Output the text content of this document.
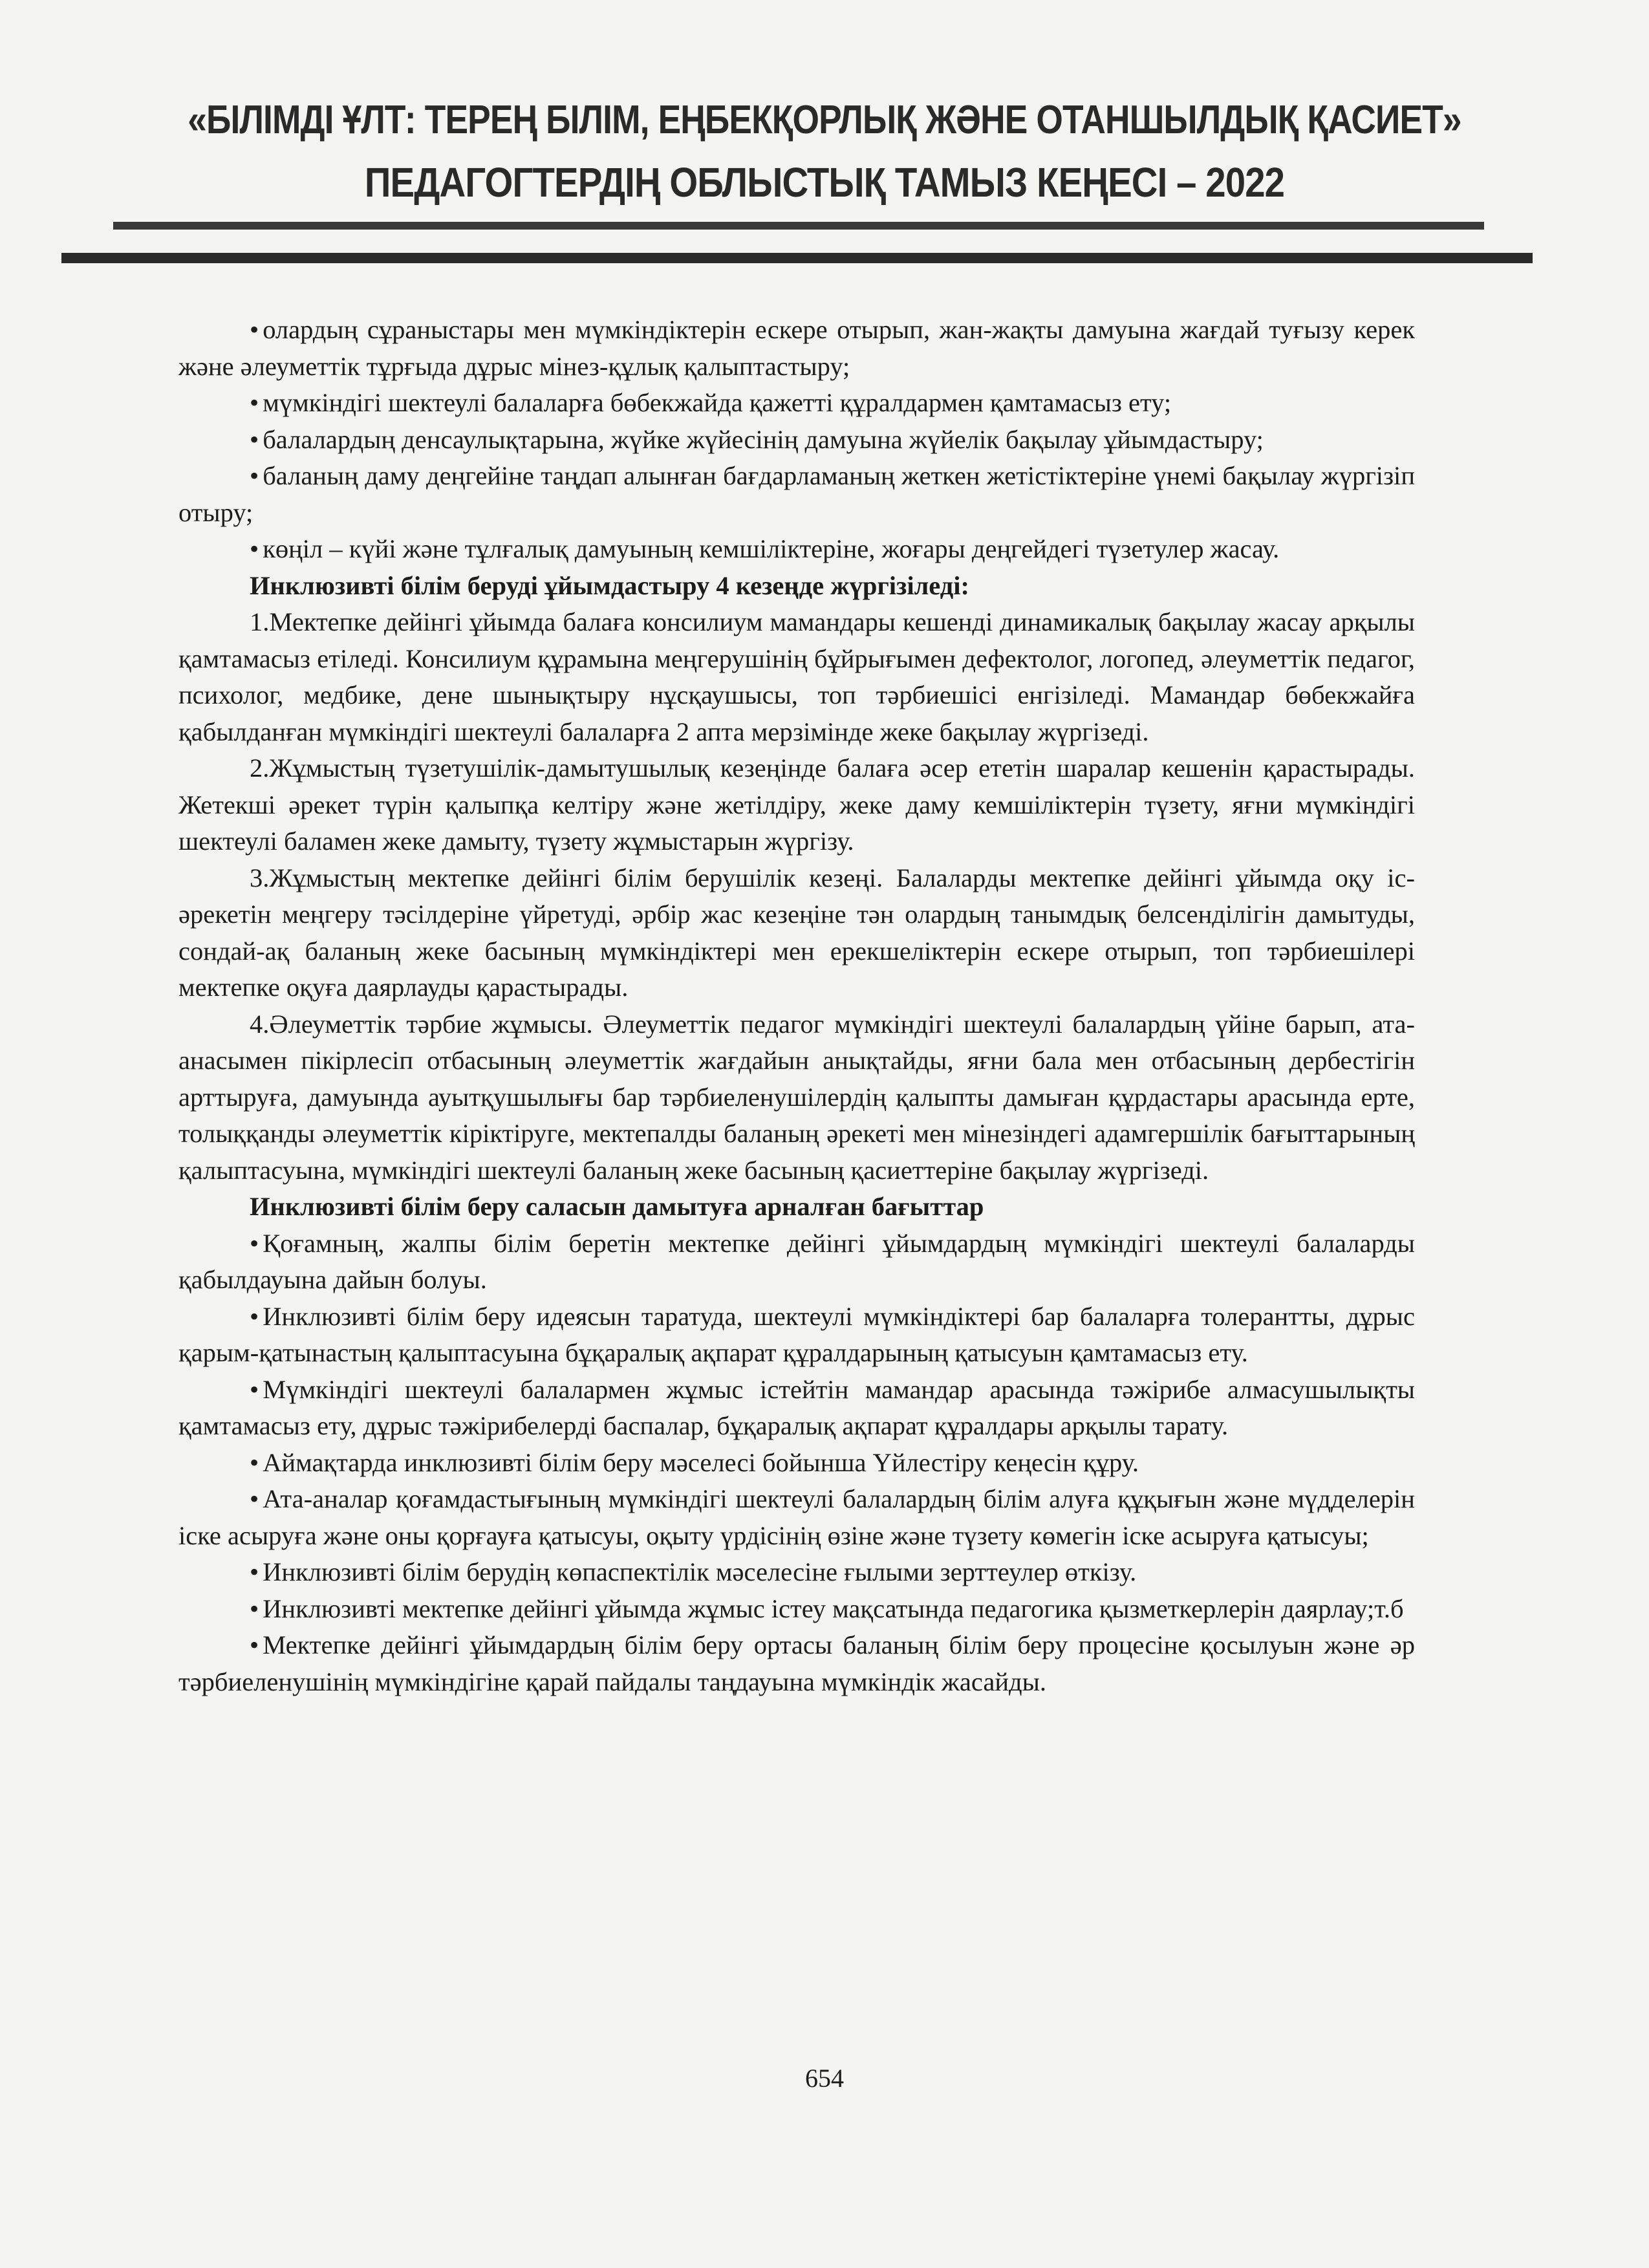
«БІЛІМДІ ҰЛТ: ТЕРЕҢ БІЛІМ, ЕҢБЕКҚОРЛЫҚ ЖӘНЕ ОТАНШЫЛДЫҚ ҚАСИЕТ»
ПЕДАГОГТЕРДІҢ ОБЛЫСТЫҚ ТАМЫЗ КЕҢЕСІ – 2022

• олардың сұраныстары мен мүмкіндіктерін ескере отырып, жан-жақты дамуына жағдай туғызу керек және әлеуметтік тұрғыда дұрыс мінез-құлық қалыптастыру;

• мүмкіндігі шектеулі балаларға бөбекжайда қажетті құралдармен қамтамасыз ету;

• балалардың денсаулықтарына, жүйке жүйесінің дамуына жүйелік бақылау ұйымдастыру;

• баланың даму деңгейіне таңдап алынған бағдарламаның жеткен жетістіктеріне үнемі бақылау жүргізіп отыру;

• көңіл – күйі және тұлғалық дамуының кемшіліктеріне, жоғары деңгейдегі түзетулер жасау.

Инклюзивті білім беруді ұйымдастыру 4 кезеңде жүргізіледі:

1.Мектепке дейінгі ұйымда балаға консилиум мамандары кешенді динамикалық бақылау жасау арқылы қамтамасыз етіледі. Консилиум құрамына меңгерушінің бұйрығымен дефектолог, логопед, әлеуметтік педагог, психолог, медбике, дене шынықтыру нұсқаушысы, топ тәрбиешісі енгізіледі. Мамандар бөбекжайға қабылданған мүмкіндігі шектеулі балаларға 2 апта мерзімінде жеке бақылау жүргізеді.

2.Жұмыстың түзетушілік-дамытушылық кезеңінде балаға әсер ететін шаралар кешенін қарастырады. Жетекші әрекет түрін қалыпқа келтіру және жетілдіру, жеке даму кемшіліктерін түзету, яғни мүмкіндігі шектеулі баламен жеке дамыту, түзету жұмыстарын жүргізу.

3.Жұмыстың мектепке дейінгі білім берушілік кезеңі. Балаларды мектепке дейінгі ұйымда оқу іс-әрекетін меңгеру тәсілдеріне үйретуді, әрбір жас кезеңіне тән олардың танымдық белсенділігін дамытуды, сондай-ақ баланың жеке басының мүмкіндіктері мен ерекшеліктерін ескере отырып, топ тәрбиешілері мектепке оқуға даярлауды қарастырады.

4.Әлеуметтік тәрбие жұмысы. Әлеуметтік педагог мүмкіндігі шектеулі балалардың үйіне барып, ата-анасымен пікірлесіп отбасының әлеуметтік жағдайын анықтайды, яғни бала мен отбасының дербестігін арттыруға, дамуында ауытқушылығы бар тәрбиеленушілердің қалыпты дамыған құрдастары арасында ерте, толыққанды әлеуметтік кірiктiруге, мектепалды баланың әрекеті мен мінезіндегі адамгершілік бағыттарының қалыптасуына, мүмкіндігі шектеулі баланың жеке басының қасиеттеріне бақылау жүргізеді.

Инклюзивті білім беру саласын дамытуға арналған бағыттар

• Қоғамның, жалпы білім беретін мектепке дейінгі ұйымдардың мүмкіндігі шектеулі балаларды қабылдауына дайын болуы.

• Инклюзивті білім беру идеясын таратуда, шектеулі мүмкіндіктері бар балаларға толерантты, дұрыс қарым-қатынастың қалыптасуына бұқаралық ақпарат құралдарының қатысуын қамтамасыз ету.

• Мүмкіндігі шектеулі балалармен жұмыс істейтін мамандар арасында тәжірибе алмасушылықты қамтамасыз ету, дұрыс тәжірибелерді баспалар, бұқаралық ақпарат құралдары арқылы тарату.

• Аймақтарда инклюзивті білім беру мәселесі бойынша Үйлестіру кеңесін құру.

• Ата-аналар қоғамдастығының мүмкіндігі шектеулі балалардың білім алуға құқығын және мүдделерін іске асыруға және оны қорғауға қатысуы, оқыту үрдісінің өзіне және түзету көмегін іске асыруға қатысуы;

• Инклюзивті білім берудің көпаспектілік мәселесіне ғылыми зерттеулер өткізу.

• Инклюзивті мектепке дейінгі ұйымда жұмыс істеу мақсатында педагогика қызметкерлерін даярлау;т.б

• Мектепке дейінгі ұйымдардың білім беру ортасы баланың білім беру процесіне қосылуын және әр тәрбиеленушінің мүмкіндігіне қарай пайдалы таңдауына мүмкіндік жасайды.

654
